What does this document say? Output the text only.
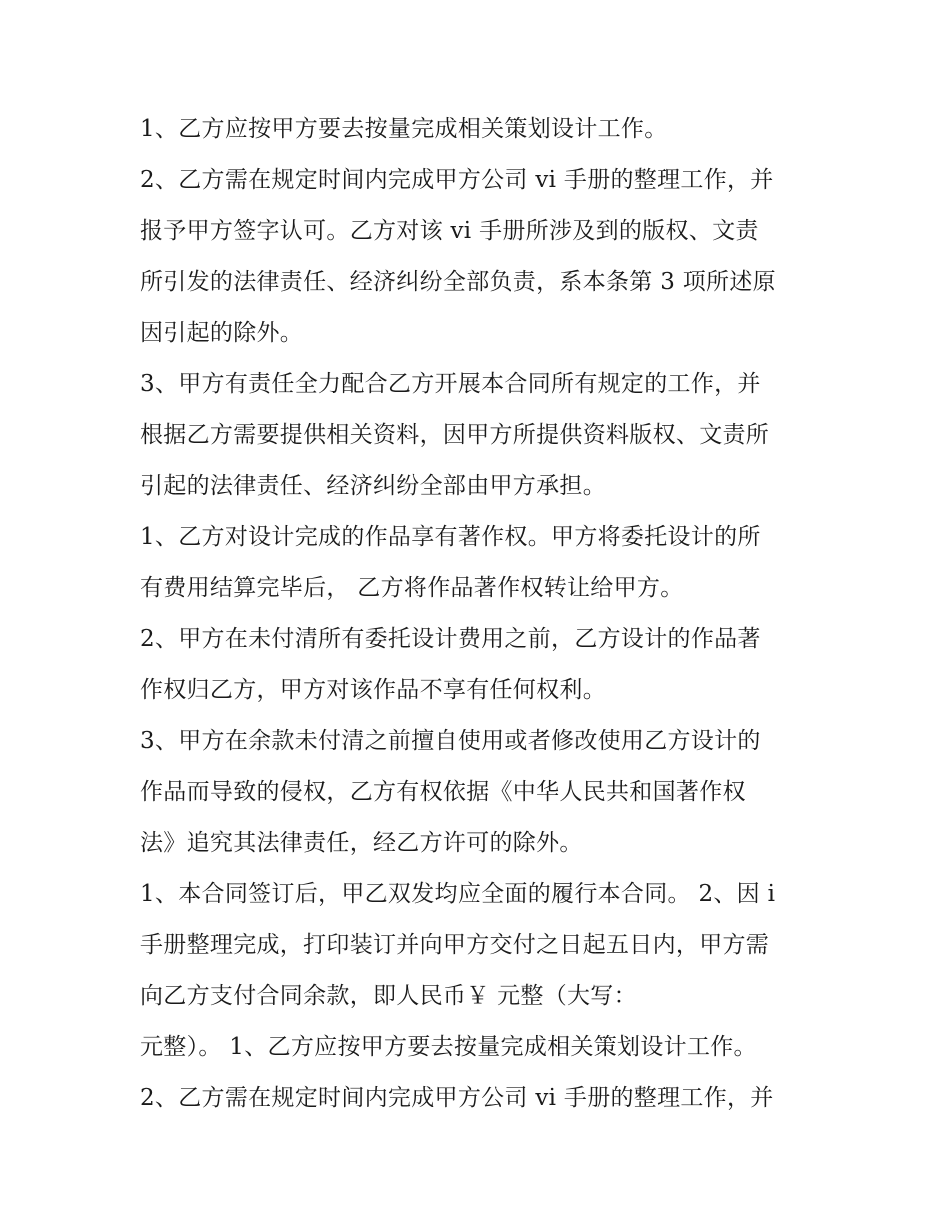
1、乙方应按甲方要去按量完成相关策划设计工作。
2、乙方需在规定时间内完成甲方公司 vi 手册的整理工作，并
报予甲方签字认可。乙方对该 vi 手册所涉及到的版权、文责
所引发的法律责任、经济纠纷全部负责，系本条第 3 项所述原
因引起的除外。
3、甲方有责任全力配合乙方开展本合同所有规定的工作，并
根据乙方需要提供相关资料，因甲方所提供资料版权、文责所
引起的法律责任、经济纠纷全部由甲方承担。
1、乙方对设计完成的作品享有著作权。甲方将委托设计的所
有费用结算完毕后， 乙方将作品著作权转让给甲方。
2、甲方在未付清所有委托设计费用之前，乙方设计的作品著
作权归乙方，甲方对该作品不享有任何权利。
3、甲方在余款未付清之前擅自使用或者修改使用乙方设计的
作品而导致的侵权，乙方有权依据《中华人民共和国著作权
法》追究其法律责任，经乙方许可的除外。
1、本合同签订后，甲乙双发均应全面的履行本合同。 2、因 i
手册整理完成，打印装订并向甲方交付之日起五日内，甲方需
向乙方支付合同余款，即人民币￥ 元整（大写：
元整）。 1、乙方应按甲方要去按量完成相关策划设计工作。
2、乙方需在规定时间内完成甲方公司 vi 手册的整理工作，并
